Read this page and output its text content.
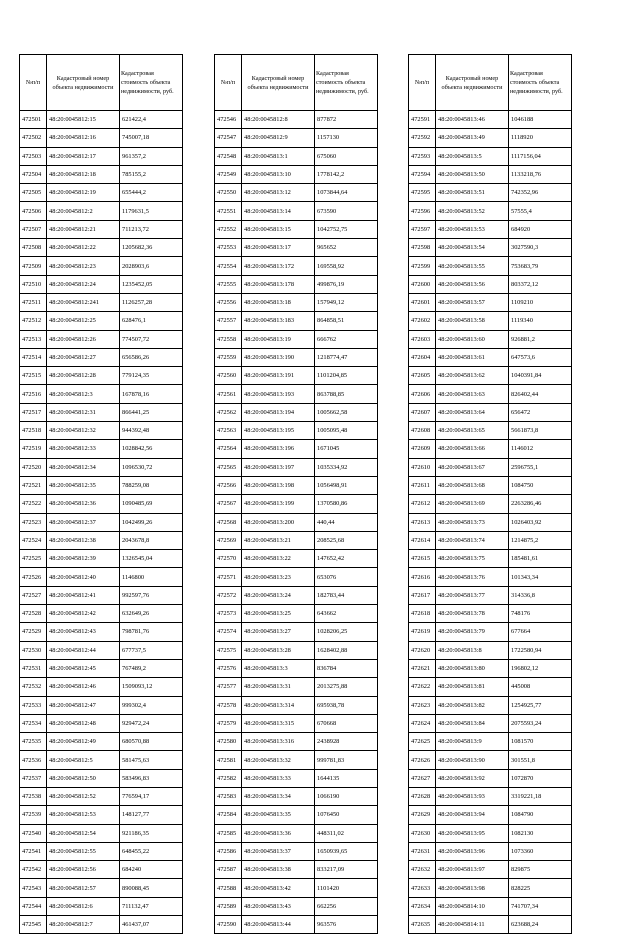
№п/п	Кадастровый номер объекта недвижимости	Кадастровая стоимость объекта недвижимости, руб.
472501	48:20:0045812:15	621422,4
472502	48:20:0045812:16	745007,18
472503	48:20:0045812:17	961357,2
472504	48:20:0045812:18	785155,2
472505	48:20:0045812:19	655444,2
472506	48:20:0045812:2	1179631,5
472507	48:20:0045812:21	711213,72
472508	48:20:0045812:22	1205682,36
472509	48:20:0045812:23	2028903,6
472510	48:20:0045812:24	1235452,05
472511	48:20:0045812:241	1126257,28
472512	48:20:0045812:25	628476,1
472513	48:20:0045812:26	774507,72
472514	48:20:0045812:27	656586,26
472515	48:20:0045812:28	779124,35
472516	48:20:0045812:3	167878,16
472517	48:20:0045812:31	866441,25
472518	48:20:0045812:32	944392,48
472519	48:20:0045812:33	1028842,56
472520	48:20:0045812:34	1096530,72
472521	48:20:0045812:35	788259,08
472522	48:20:0045812:36	1090485,69
472523	48:20:0045812:37	1042499,26
472524	48:20:0045812:38	2043678,8
472525	48:20:0045812:39	1326545,04
472526	48:20:0045812:40	1146800
472527	48:20:0045812:41	992597,76
472528	48:20:0045812:42	632649,26
472529	48:20:0045812:43	798781,76
472530	48:20:0045812:44	677737,5
472531	48:20:0045812:45	767489,2
472532	48:20:0045812:46	1509093,12
472533	48:20:0045812:47	999302,4
472534	48:20:0045812:48	929472,24
472535	48:20:0045812:49	680570,88
472536	48:20:0045812:5	581475,63
472537	48:20:0045812:50	583496,83
472538	48:20:0045812:52	776594,17
472539	48:20:0045812:53	148127,77
472540	48:20:0045812:54	921186,35
472541	48:20:0045812:55	648455,22
472542	48:20:0045812:56	684240
472543	48:20:0045812:57	890088,45
472544	48:20:0045812:6	711132,47
472545	48:20:0045812:7	461437,07
№п/п	Кадастровый номер объекта недвижимости	Кадастровая стоимость объекта недвижимости, руб.
472546	48:20:0045812:8	877872
472547	48:20:0045812:9	1157130
472548	48:20:0045813:1	675060
472549	48:20:0045813:10	1778142,2
472550	48:20:0045813:12	1073844,64
472551	48:20:0045813:14	673590
472552	48:20:0045813:15	1042752,75
472553	48:20:0045813:17	965652
472554	48:20:0045813:172	169558,92
472555	48:20:0045813:178	499876,19
472556	48:20:0045813:18	157949,12
472557	48:20:0045813:183	864858,51
472558	48:20:0045813:19	666762
472559	48:20:0045813:190	1218774,47
472560	48:20:0045813:191	1101204,85
472561	48:20:0045813:193	863788,85
472562	48:20:0045813:194	1005662,58
472563	48:20:0045813:195	1005095,48
472564	48:20:0045813:196	1671045
472565	48:20:0045813:197	1035334,92
472566	48:20:0045813:198	1056498,91
472567	48:20:0045813:199	1370580,86
472568	48:20:0045813:200	440,44
472569	48:20:0045813:21	208525,68
472570	48:20:0045813:22	147652,42
472571	48:20:0045813:23	653076
472572	48:20:0045813:24	182783,44
472573	48:20:0045813:25	643662
472574	48:20:0045813:27	1028206,25
472575	48:20:0045813:28	1628402,88
472576	48:20:0045813:3	836784
472577	48:20:0045813:31	2013275,88
472578	48:20:0045813:314	695938,78
472579	48:20:0045813:315	670668
472580	48:20:0045813:316	2438928
472581	48:20:0045813:32	999781,83
472582	48:20:0045813:33	1644135
472583	48:20:0045813:34	1066190
472584	48:20:0045813:35	1076450
472585	48:20:0045813:36	448311,02
472586	48:20:0045813:37	1650939,65
472587	48:20:0045813:38	833217,09
472588	48:20:0045813:42	1101420
472589	48:20:0045813:43	662256
472590	48:20:0045813:44	963576
№п/п	Кадастровый номер объекта недвижимости	Кадастровая стоимость объекта недвижимости, руб.
472591	48:20:0045813:46	1046188
472592	48:20:0045813:49	1118920
472593	48:20:0045813:5	1117156,04
472594	48:20:0045813:50	1133218,76
472595	48:20:0045813:51	742352,96
472596	48:20:0045813:52	57555,4
472597	48:20:0045813:53	684920
472598	48:20:0045813:54	3027590,3
472599	48:20:0045813:55	753683,79
472600	48:20:0045813:56	803372,12
472601	48:20:0045813:57	1109210
472602	48:20:0045813:58	1119340
472603	48:20:0045813:60	926881,2
472604	48:20:0045813:61	647573,6
472605	48:20:0045813:62	1040391,84
472606	48:20:0045813:63	826402,44
472607	48:20:0045813:64	656472
472608	48:20:0045813:65	5661873,8
472609	48:20:0045813:66	1146012
472610	48:20:0045813:67	2596755,1
472611	48:20:0045813:68	1084750
472612	48:20:0045813:69	2263286,46
472613	48:20:0045813:73	1026403,92
472614	48:20:0045813:74	1214875,2
472615	48:20:0045813:75	185481,61
472616	48:20:0045813:76	101343,34
472617	48:20:0045813:77	314336,8
472618	48:20:0045813:78	748176
472619	48:20:0045813:79	677664
472620	48:20:0045813:8	1722580,94
472621	48:20:0045813:80	196802,12
472622	48:20:0045813:81	445008
472623	48:20:0045813:82	1254925,77
472624	48:20:0045813:84	2075593,24
472625	48:20:0045813:9	1081570
472626	48:20:0045813:90	301551,8
472627	48:20:0045813:92	1072870
472628	48:20:0045813:93	3319221,18
472629	48:20:0045813:94	1084790
472630	48:20:0045813:95	1082130
472631	48:20:0045813:96	1073360
472632	48:20:0045813:97	829875
472633	48:20:0045813:98	828225
472634	48:20:0045814:10	741707,34
472635	48:20:0045814:11	623688,24
